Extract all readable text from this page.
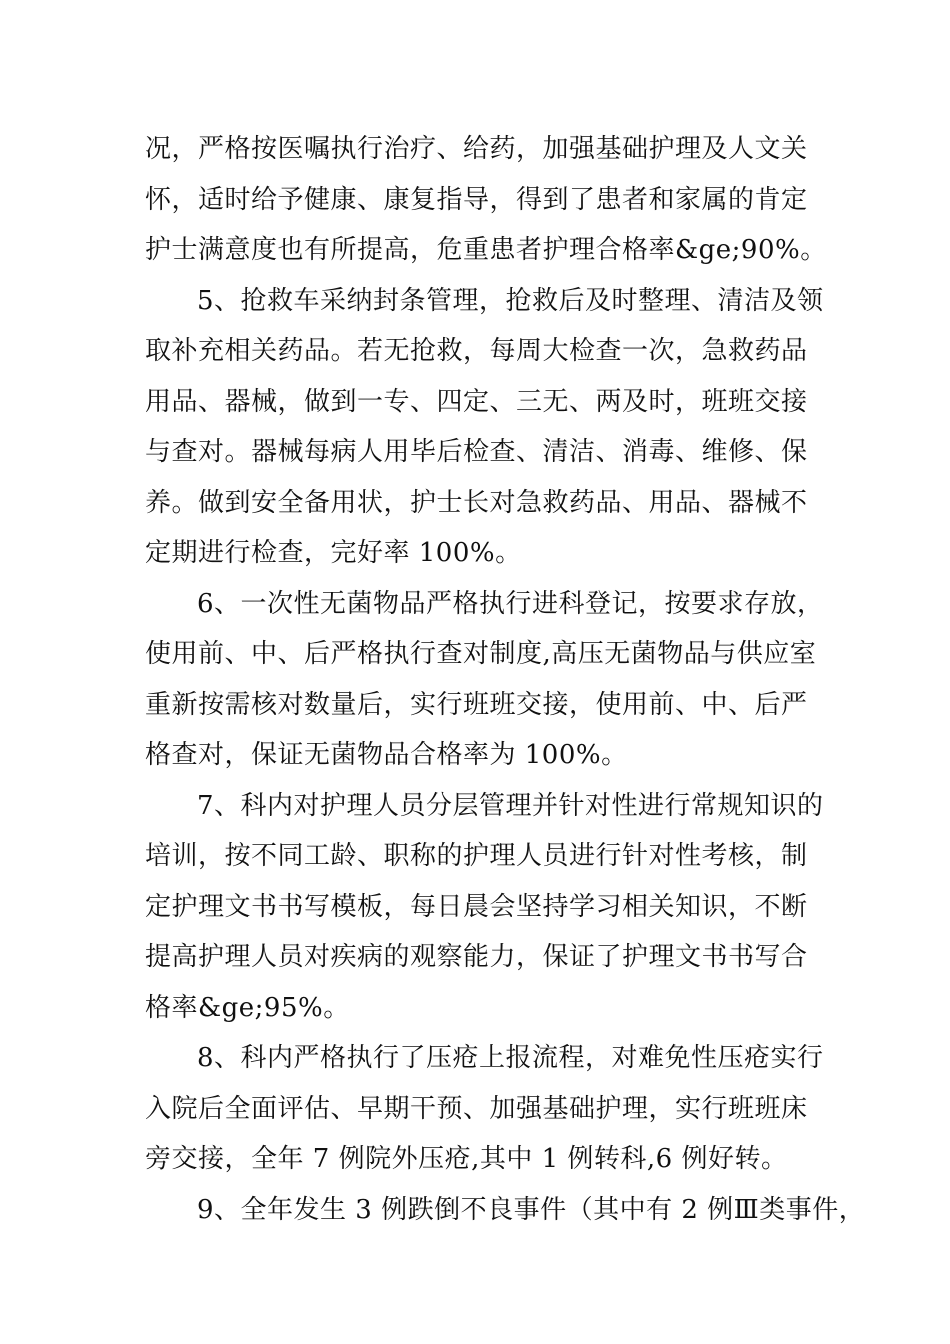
况，严格按医嘱执行治疗、给药，加强基础护理及人文关
怀，适时给予健康、康复指导，得到了患者和家属的肯定
护士满意度也有所提高，危重患者护理合格率&ge;90%。
5、抢救车采纳封条管理，抢救后及时整理、清洁及领
取补充相关药品。若无抢救，每周大检查一次，急救药品
用品、器械，做到一专、四定、三无、两及时，班班交接
与查对。器械每病人用毕后检查、清洁、消毒、维修、保
养。做到安全备用状，护士长对急救药品、用品、器械不
定期进行检查，完好率 100%。
6、一次性无菌物品严格执行进科登记，按要求存放，
使用前、中、后严格执行查对制度,高压无菌物品与供应室
重新按需核对数量后，实行班班交接，使用前、中、后严
格查对，保证无菌物品合格率为 100%。
7、科内对护理人员分层管理并针对性进行常规知识的
培训，按不同工龄、职称的护理人员进行针对性考核，制
定护理文书书写模板，每日晨会坚持学习相关知识，不断
提高护理人员对疾病的观察能力，保证了护理文书书写合
格率&ge;95%。
8、科内严格执行了压疮上报流程，对难免性压疮实行
入院后全面评估、早期干预、加强基础护理，实行班班床
旁交接，全年 7 例院外压疮,其中 1 例转科,6 例好转。
9、全年发生 3 例跌倒不良事件（其中有 2 例Ⅲ类事件，
